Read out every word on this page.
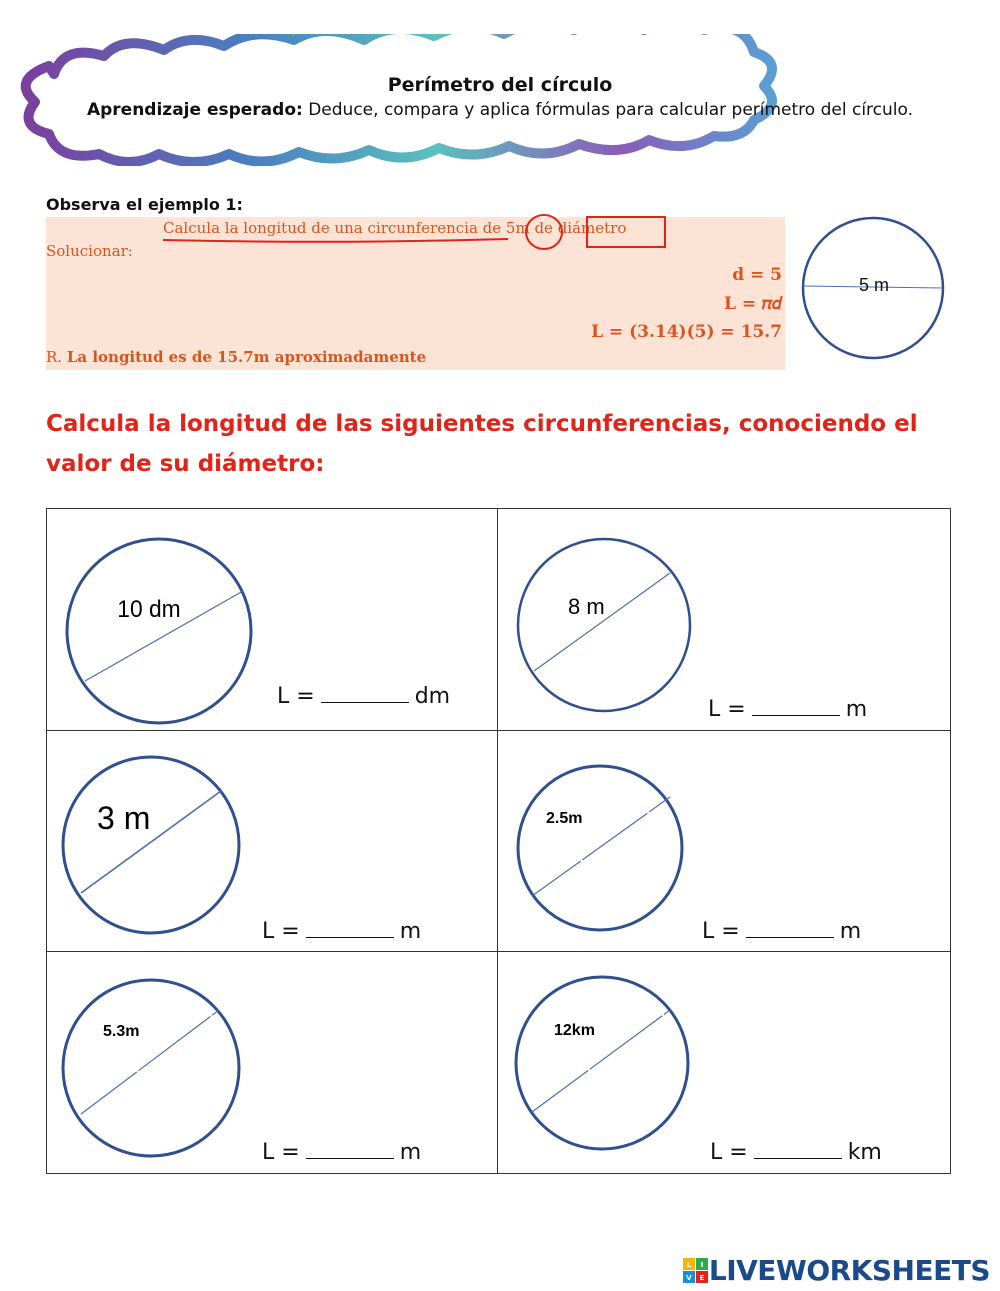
Perímetro del círculo
Aprendizaje esperado: Deduce, compara y aplica fórmulas para calcular perímetro del círculo.
Observa el ejemplo 1:
Calcula la longitud de una circunferencia de 5m de diámetro
Solucionar:
d = 5
L = 𝜋𝑑
L = (3.14)(5) = 15.7
R. La longitud es de 15.7m aproximadamente
5 m
Calcula la longitud de las siguientes circunferencias, conociendo el valor de su diámetro:
10 dm
L =	dm
8 m
L =	m
3 m
L =	m
2.5m
L =	m
5.3m
L =	m
12km
L =	km
L I
V E LIVEWORKSHEETS
